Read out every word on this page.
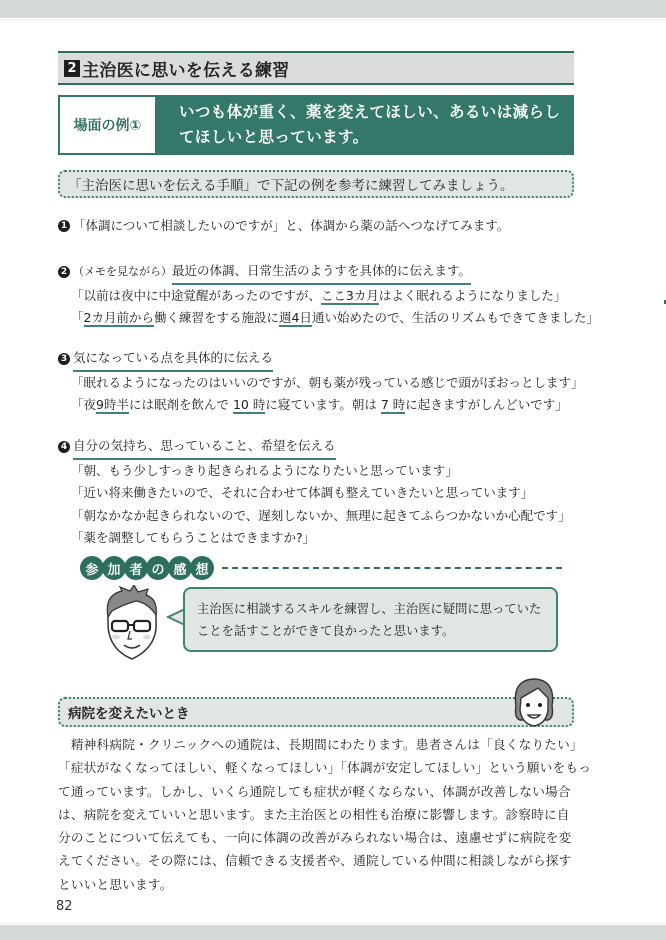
2 主治医に思いを伝える練習
場面の例①
いつも体が重く、薬を変えてほしい、あるいは減らし
てほしいと思っています。
「主治医に思いを伝える手順」で下記の例を参考に練習してみましょう。
1 「体調について相談したいのですが」と、体調から薬の話へつなげてみます。
2 （メモを見ながら） 最近の体調、日常生活のようすを具体的に伝えます。
「以前は夜中に中途覚醒があったのですが、ここ3カ月はよく眠れるようになりました」
「2カ月前から働く練習をする施設に週4日通い始めたので、生活のリズムもできてきました」
3 気になっている点を具体的に伝える
「眠れるようになったのはいいのですが、朝も薬が残っている感じで頭がぼおっとします」
「夜9時半には眠剤を飲んで 10 時に寝ています。朝は 7 時に起きますがしんどいです」
4 自分の気持ち、思っていること、希望を伝える
「朝、もう少しすっきり起きられるようになりたいと思っています」
「近い将来働きたいので、それに合わせて体調も整えていきたいと思っています」
「朝なかなか起きられないので、遅刻しないか、無理に起きてふらつかないか心配です」
「薬を調整してもらうことはできますか?」
参 加 者 の 感 想
主治医に相談するスキルを練習し、主治医に疑問に思っていた
ことを話すことができて良かったと思います。
病院を変えたいとき

　精神科病院・クリニックへの通院は、長期間にわたります。患者さんは「良くなりたい」

「症状がなくなってほしい、軽くなってほしい」「体調が安定してほしい」という願いをもっ

て通っています。しかし、いくら通院しても症状が軽くならない、体調が改善しない場合

は、病院を変えていいと思います。また主治医との相性も治療に影響します。診察時に自

分のことについて伝えても、一向に体調の改善がみられない場合は、遠慮せずに病院を変

えてください。その際には、信頼できる支援者や、通院している仲間に相談しながら探す

といいと思います。

82
